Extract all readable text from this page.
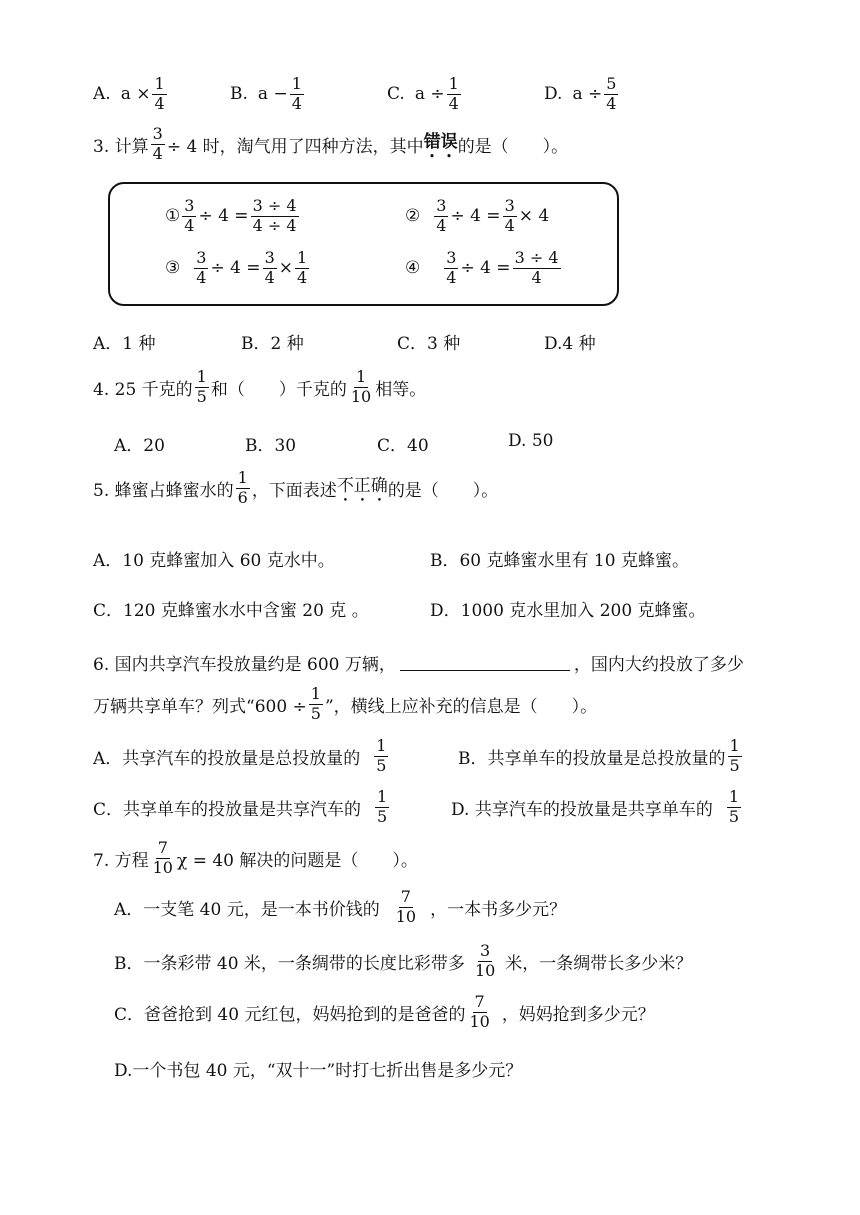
A. $a \times \frac{1}{4}$	B. $a - \frac{1}{4}$	C. $a \div \frac{1}{4}$	D. $a \div \frac{5}{4}$
3. 计算 $\frac{3}{4} \div 4$ 时，淘气用了四种方法，其中 错误 的是（　　）。
① $\frac{3}{4} \div 4 = \frac{3 \div 4}{4 \div 4}$	② $\frac{3}{4} \div 4 = \frac{3}{4} \times 4$
③ $\frac{3}{4} \div 4 = \frac{3}{4} \times \frac{1}{4}$	④ $\frac{3}{4} \div 4 = \frac{3 \div 4}{4}$
A．1 种	B．2 种	C．3 种	D.4 种
4. 25 千克的 $\frac{1}{5}$ 和（　　）千克的 $\frac{1}{10}$ 相等。
A．20	B．30	C．40	D. 50
5. 蜂蜜占蜂蜜水的 $\frac{1}{6}$ ，下面表述 不正确 的是（　　）。
A．10 克蜂蜜加入 60 克水中。	B．60 克蜂蜜水里有 10 克蜂蜜。
C．120 克蜂蜜水水中含蜜 20 克 。	D．1000 克水里加入 200 克蜂蜜。
6. 国内共享汽车投放量约是 600 万辆，	，国内大约投放了多少
万辆共享单车？列式“$600 \div \frac{1}{5}$ ”，横线上应补充的信息是（　　）。
A．共享汽车的投放量是总投放量的 $\frac{1}{5}$	B．共享单车的投放量是总投放量的 $\frac{1}{5}$
C．共享单车的投放量是共享汽车的 $\frac{1}{5}$	D. 共享汽车的投放量是共享单车的 $\frac{1}{5}$
7. 方程 $\frac{7}{10}$ χ = 40 解决的问题是（　　）。
A．一支笔 40 元，是一本书价钱的 $\frac{7}{10}$ ，一本书多少元？
B．一条彩带 40 米，一条绸带的长度比彩带多 $\frac{3}{10}$ 米，一条绸带长多少米？
C．爸爸抢到 40 元红包，妈妈抢到的是爸爸的 $\frac{7}{10}$ ，妈妈抢到多少元？
D.一个书包 40 元，“双十一”时打七折出售是多少元？
